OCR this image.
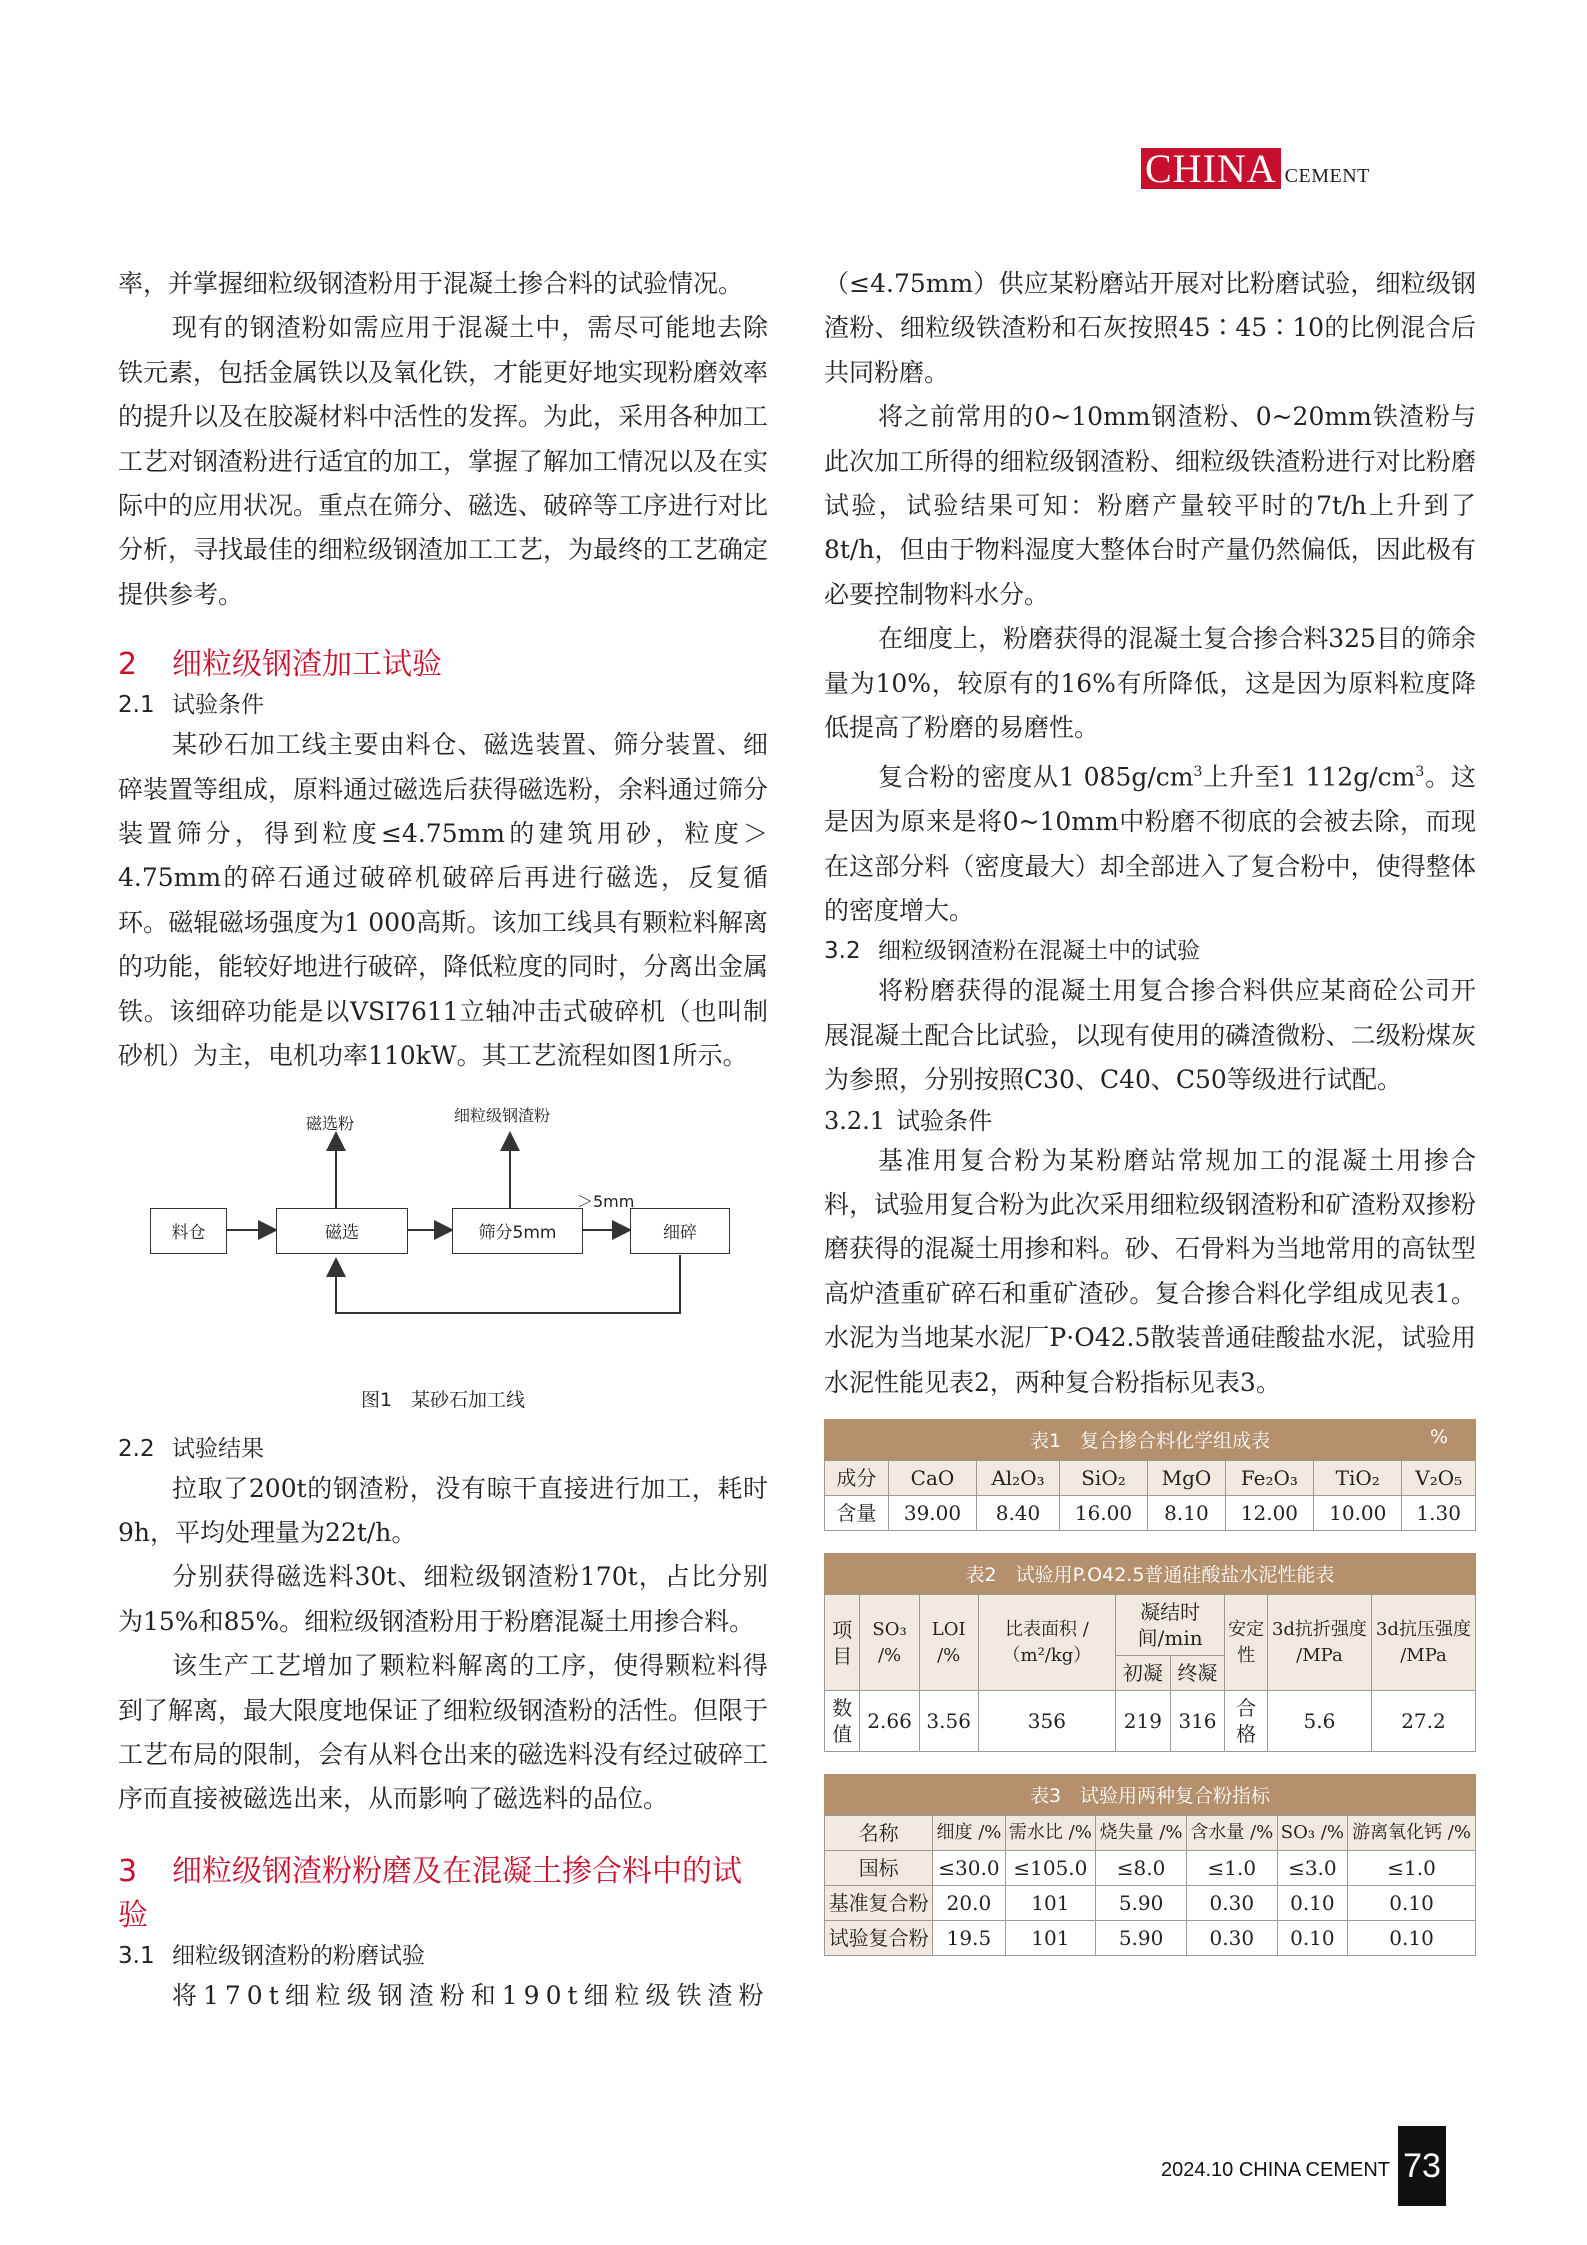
CHINA CEMENT

率，并掌握细粒级钢渣粉用于混凝土掺合料的试验情况。

现有的钢渣粉如需应用于混凝土中，需尽可能地去除铁元素，包括金属铁以及氧化铁，才能更好地实现粉磨效率的提升以及在胶凝材料中活性的发挥。为此，采用各种加工工艺对钢渣粉进行适宜的加工，掌握了解加工情况以及在实际中的应用状况。重点在筛分、磁选、破碎等工序进行对比分析，寻找最佳的细粒级钢渣加工工艺，为最终的工艺确定提供参考。

2 细粒级钢渣加工试验
2.1 试验条件

某砂石加工线主要由料仓、磁选装置、筛分装置、细碎装置等组成，原料通过磁选后获得磁选粉，余料通过筛分装置筛分，得到粒度≤4.75mm的建筑用砂，粒度＞4.75mm的碎石通过破碎机破碎后再进行磁选，反复循环。磁辊磁场强度为1 000高斯。该加工线具有颗粒料解离的功能，能较好地进行破碎，降低粒度的同时，分离出金属铁。该细碎功能是以VSI7611立轴冲击式破碎机（也叫制砂机）为主，电机功率110kW。其工艺流程如图1所示。

料仓	磁选	筛分5mm	细碎
磁选粉	细粒级钢渣粉
＞5mm
图1　某砂石加工线
2.2 试验结果

拉取了200t的钢渣粉，没有晾干直接进行加工，耗时9h，平均处理量为22t/h。

分别获得磁选料30t、细粒级钢渣粉170t，占比分别为15%和85%。细粒级钢渣粉用于粉磨混凝土用掺合料。

该生产工艺增加了颗粒料解离的工序，使得颗粒料得到了解离，最大限度地保证了细粒级钢渣粉的活性。但限于工艺布局的限制，会有从料仓出来的磁选料没有经过破碎工序而直接被磁选出来，从而影响了磁选料的品位。

3 细粒级钢渣粉粉磨及在混凝土掺合料中的试验
3.1 细粒级钢渣粉的粉磨试验

将170t细粒级钢渣粉和190t细粒级铁渣粉

（≤4.75mm）供应某粉磨站开展对比粉磨试验，细粒级钢渣粉、细粒级铁渣粉和石灰按照45∶45∶10的比例混合后共同粉磨。

将之前常用的0~10mm钢渣粉、0~20mm铁渣粉与此次加工所得的细粒级钢渣粉、细粒级铁渣粉进行对比粉磨试验，试验结果可知：粉磨产量较平时的7t/h上升到了8t/h，但由于物料湿度大整体台时产量仍然偏低，因此极有必要控制物料水分。

在细度上，粉磨获得的混凝土复合掺合料325目的筛余量为10%，较原有的16%有所降低，这是因为原料粒度降低提高了粉磨的易磨性。

复合粉的密度从1 $085g/cm^3$上升至1 $112g/cm^3$。这是因为原来是将0~10mm中粉磨不彻底的会被去除，而现在这部分料（密度最大）却全部进入了复合粉中，使得整体的密度增大。

3.2 细粒级钢渣粉在混凝土中的试验

将粉磨获得的混凝土用复合掺合料供应某商砼公司开展混凝土配合比试验，以现有使用的磷渣微粉、二级粉煤灰为参照，分别按照C30、C40、C50等级进行试配。

3.2.1 试验条件

基准用复合粉为某粉磨站常规加工的混凝土用掺合料，试验用复合粉为此次采用细粒级钢渣粉和矿渣粉双掺粉磨获得的混凝土用掺和料。砂、石骨料为当地常用的高钛型高炉渣重矿碎石和重矿渣砂。复合掺合料化学组成见表1。水泥为当地某水泥厂P·O42.5散装普通硅酸盐水泥，试验用水泥性能见表2，两种复合粉指标见表3。

表1　复合掺合料化学组成表	%
成分	CaO	Al₂O₃	SiO₂	MgO	Fe₂O₃	TiO₂	V₂O₅
含量	39.00	8.40	16.00	8.10	12.00	10.00	1.30
表2　试验用P.O42.5普通硅酸盐水泥性能表
项目	SO₃ /%	LOI /%	比表面积 /（m²/kg）	凝结时间/min		安定性	3d抗折强度 /MPa	3d抗压强度 /MPa
				初凝	终凝			
数值	2.66	3.56	356	219	316	合格	5.6	27.2
表3　试验用两种复合粉指标
名称	细度 /%	需水比 /%	烧失量 /%	含水量 /%	SO₃ /%	游离氧化钙 /%
国标	≤30.0	≤105.0	≤8.0	≤1.0	≤3.0	≤1.0
基准复合粉	20.0	101	5.90	0.30	0.10	0.10
试验复合粉	19.5	101	5.90	0.30	0.10	0.10
2024.10 CHINA CEMENT 73
